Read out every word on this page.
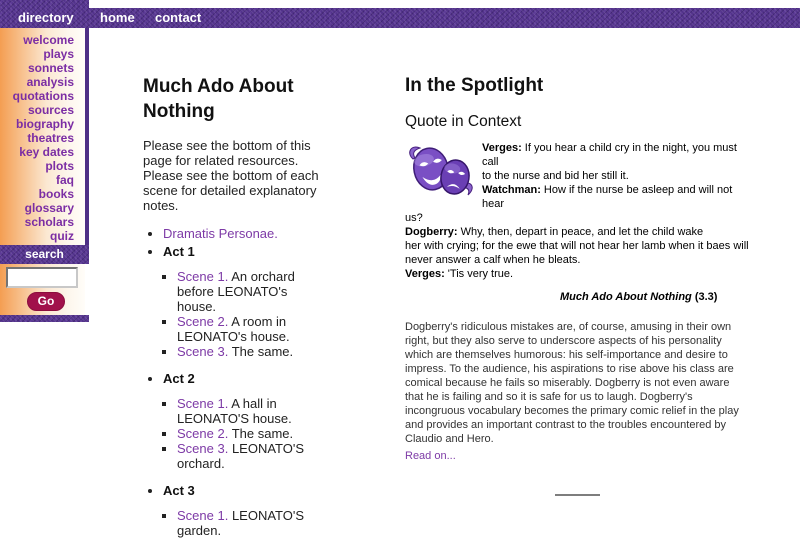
directory home contact
welcome
plays
sonnets
analysis
quotations
sources
biography
theatres
key dates
plots
faq
books
glossary
scholars
quiz
search
Go
Much Ado About Nothing

Please see the bottom of this page for related resources. Please see the bottom of each scene for detailed explanatory notes.

• Dramatis Personae.
• Act 1
▪ Scene 1. An orchard before LEONATO's house.
▪ Scene 2. A room in LEONATO's house.
▪ Scene 3. The same.
• Act 2
▪ Scene 1. A hall in LEONATO'S house.
▪ Scene 2. The same.
▪ Scene 3. LEONATO'S orchard.
• Act 3
▪ Scene 1. LEONATO'S garden.
In the Spotlight
Quote in Context
Verges: If you hear a child cry in the night, you must call
to the nurse and bid her still it.
Watchman: How if the nurse be asleep and will not hear
us?
Dogberry: Why, then, depart in peace, and let the child wake
her with crying; for the ewe that will not hear her lamb when it baes will
never answer a calf when he bleats.
Verges: 'Tis very true.
Much Ado About Nothing (3.3)

Dogberry's ridiculous mistakes are, of course, amusing in their own right, but they also serve to underscore aspects of his personality which are themselves humorous: his self-importance and desire to impress. To the audience, his aspirations to rise above his class are comical because he fails so miserably. Dogberry is not even aware that he is failing and so it is safe for us to laugh. Dogberry's incongruous vocabulary becomes the primary comic relief in the play and provides an important contrast to the troubles encountered by Claudio and Hero.

Read on...
